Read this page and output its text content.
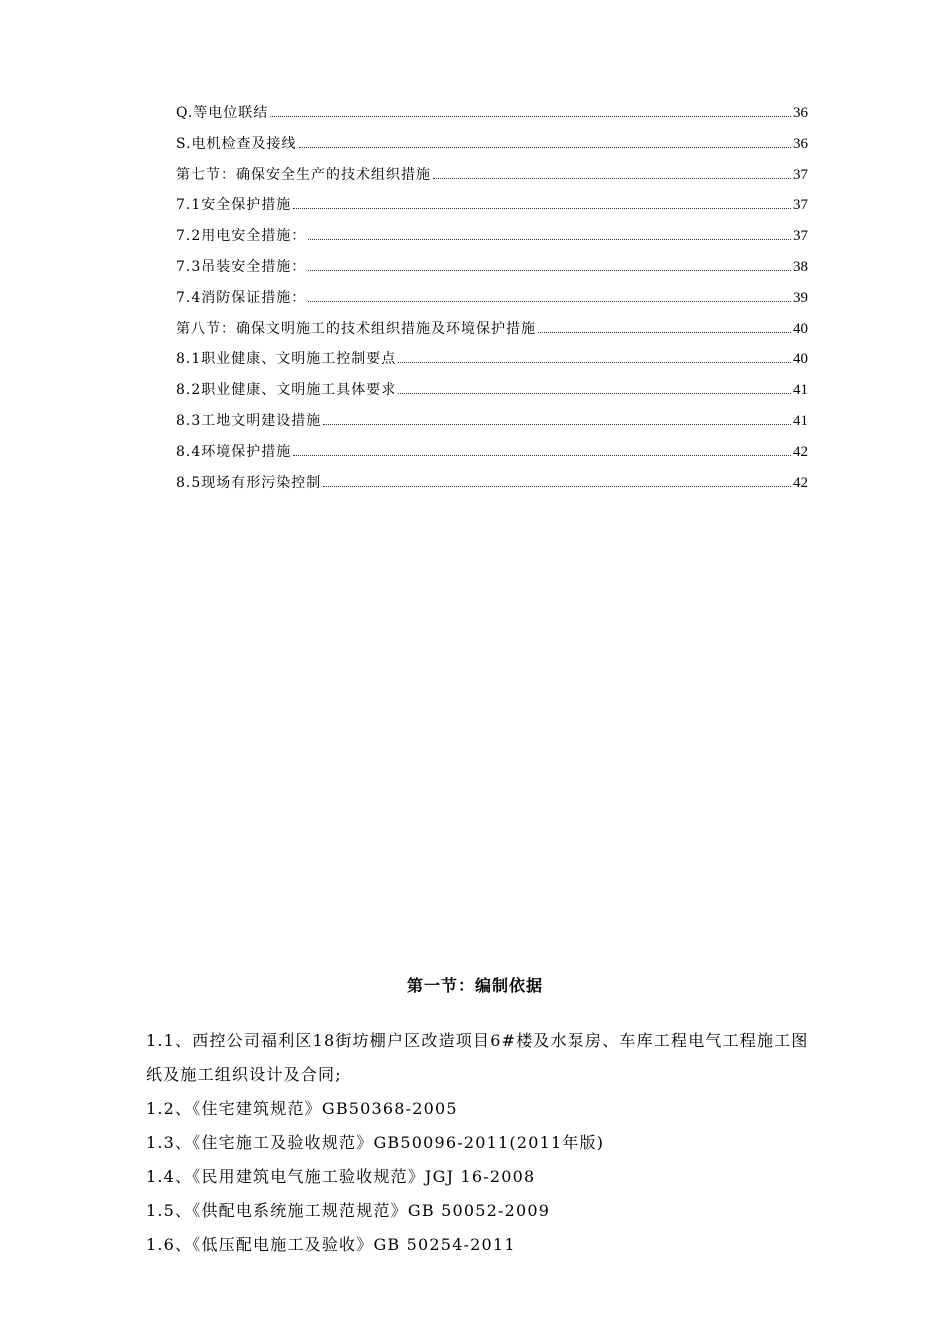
Q.等电位联结	36
S.电机检查及接线	36
第七节：确保安全生产的技术组织措施	37
7.1安全保护措施	37
7.2用电安全措施：	37
7.3吊装安全措施：	38
7.4消防保证措施：	39
第八节：确保文明施工的技术组织措施及环境保护措施	40
8.1职业健康、文明施工控制要点	40
8.2职业健康、文明施工具体要求	41
8.3工地文明建设措施	41
8.4环境保护措施	42
8.5现场有形污染控制	42
第一节：编制依据

1.1、西控公司福利区18街坊棚户区改造项目6#楼及水泵房、车库工程电气工程施工图纸及施工组织设计及合同;

1.2、《住宅建筑规范》GB50368-2005

1.3、《住宅施工及验收规范》GB50096-2011(2011年版)

1.4、《民用建筑电气施工验收规范》JGJ 16-2008

1.5、《供配电系统施工规范规范》GB 50052-2009

1.6、《低压配电施工及验收》GB 50254-2011
